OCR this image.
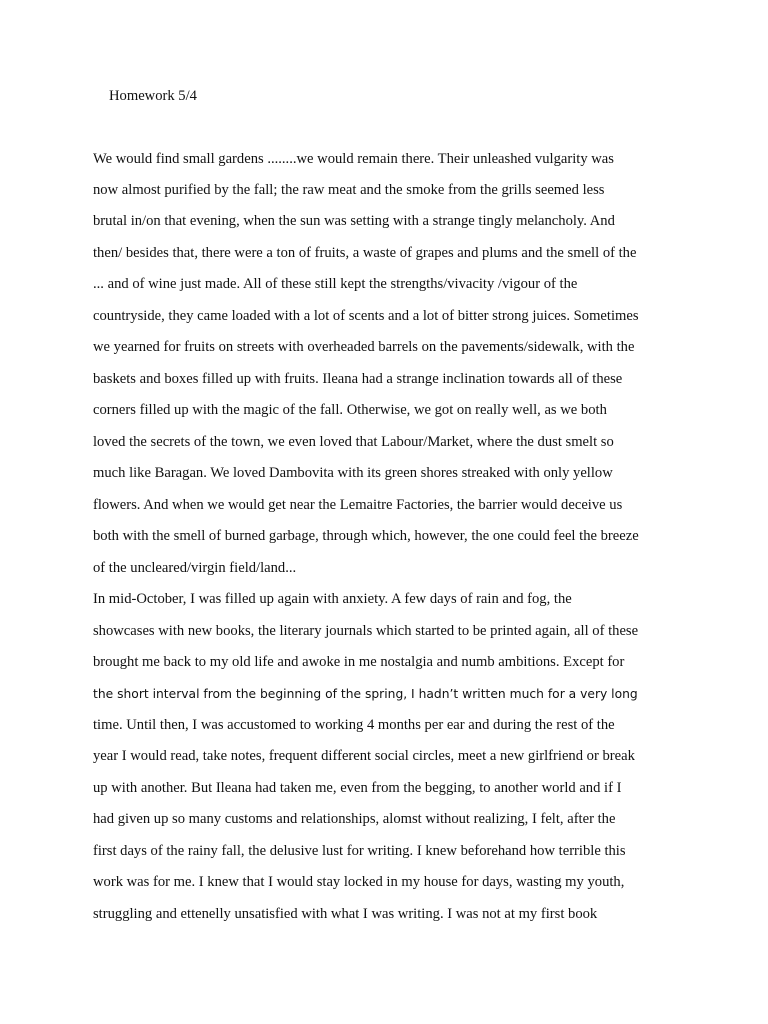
Homework 5/4
We would find small gardens ........we would remain there. Their unleashed vulgarity was
now almost purified by the fall; the raw meat and the smoke from the grills seemed less
brutal in/on that evening, when the sun was setting with a strange tingly melancholy. And
then/ besides that, there were a ton of fruits, a waste of grapes and plums and the smell of the
... and of wine just made. All of these still kept the strengths/vivacity /vigour of the
countryside, they came loaded with a lot of scents and a lot of bitter strong juices. Sometimes
we yearned for fruits on streets with overheaded barrels on the pavements/sidewalk, with the
baskets and boxes filled up with fruits. Ileana had a strange inclination towards all of these
corners filled up with the magic of the fall. Otherwise, we got on really well, as we both
loved the secrets of the town, we even loved that Labour/Market, where the dust smelt so
much like Baragan. We loved Dambovita with its green shores streaked with only yellow
flowers. And when we would get near the Lemaitre Factories, the barrier would deceive us
both with the smell of burned garbage, through which, however, the one could feel the breeze
of the uncleared/virgin field/land...
In mid-October, I was filled up again with anxiety. A few days of rain and fog, the
showcases with new books, the literary journals which started to be printed again, all of these
brought me back to my old life and awoke in me nostalgia and numb ambitions. Except for
the short interval from the beginning of the spring, I hadn’t written much for a very long
time. Until then, I was accustomed to working 4 months per ear and during the rest of the
year I would read, take notes, frequent different social circles, meet a new girlfriend or break
up with another. But Ileana had taken me, even from the begging, to another world and if I
had given up so many customs and relationships, alomst without realizing, I felt, after the
first days of the rainy fall, the delusive lust for writing. I knew beforehand how terrible this
work was for me. I knew that I would stay locked in my house for days, wasting my youth,
struggling and ettenelly unsatisfied with what I was writing. I was not at my first book
